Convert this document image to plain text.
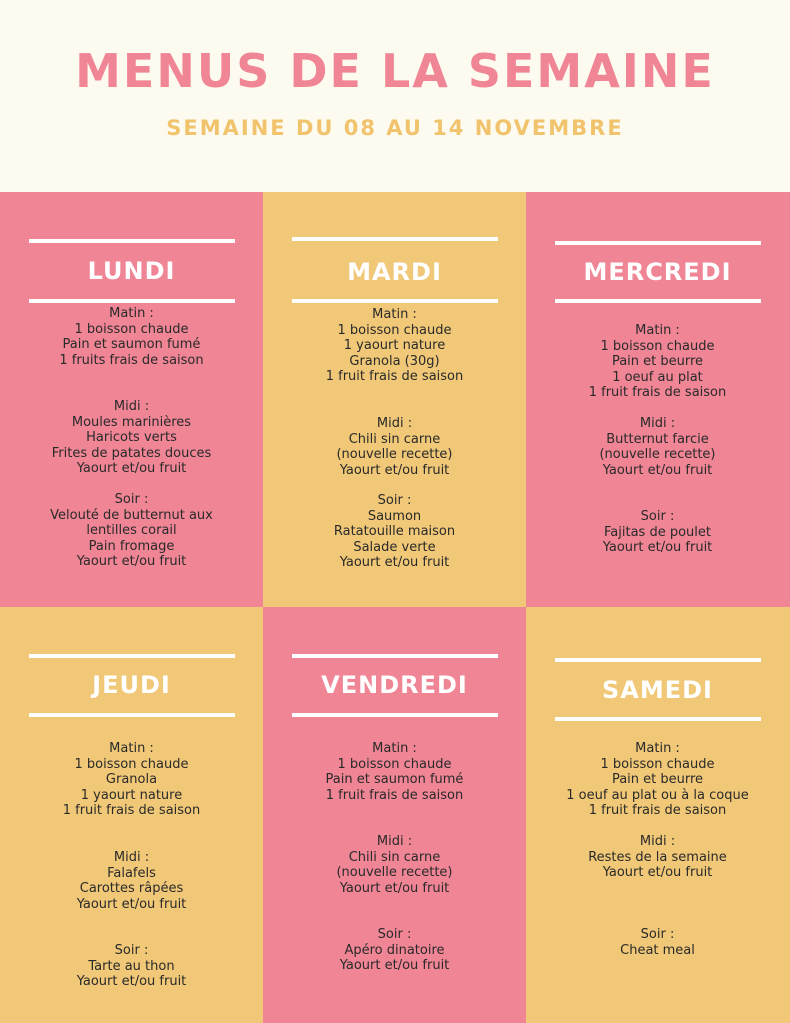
MENUS DE LA SEMAINE
SEMAINE DU 08 AU 14 NOVEMBRE
LUNDI
Matin :
1 boisson chaude
Pain et saumon fumé
1 fruits frais de saison
Midi :
Moules marinières
Haricots verts
Frites de patates douces
Yaourt et/ou fruit
Soir :
Velouté de butternut aux
lentilles corail
Pain fromage
Yaourt et/ou fruit
MARDI
Matin :
1 boisson chaude
1 yaourt nature
Granola (30g)
1 fruit frais de saison
Midi :
Chili sin carne
(nouvelle recette)
Yaourt et/ou fruit
Soir :
Saumon
Ratatouille maison
Salade verte
Yaourt et/ou fruit
MERCREDI
Matin :
1 boisson chaude
Pain et beurre
1 oeuf au plat
1 fruit frais de saison
Midi :
Butternut farcie
(nouvelle recette)
Yaourt et/ou fruit
Soir :
Fajitas de poulet
Yaourt et/ou fruit
JEUDI
Matin :
1 boisson chaude
Granola
1 yaourt nature
1 fruit frais de saison
Midi :
Falafels
Carottes râpées
Yaourt et/ou fruit
Soir :
Tarte au thon
Yaourt et/ou fruit
VENDREDI
Matin :
1 boisson chaude
Pain et saumon fumé
1 fruit frais de saison
Midi :
Chili sin carne
(nouvelle recette)
Yaourt et/ou fruit
Soir :
Apéro dinatoire
Yaourt et/ou fruit
SAMEDI
Matin :
1 boisson chaude
Pain et beurre
1 oeuf au plat ou à la coque
1 fruit frais de saison
Midi :
Restes de la semaine
Yaourt et/ou fruit
Soir :
Cheat meal
